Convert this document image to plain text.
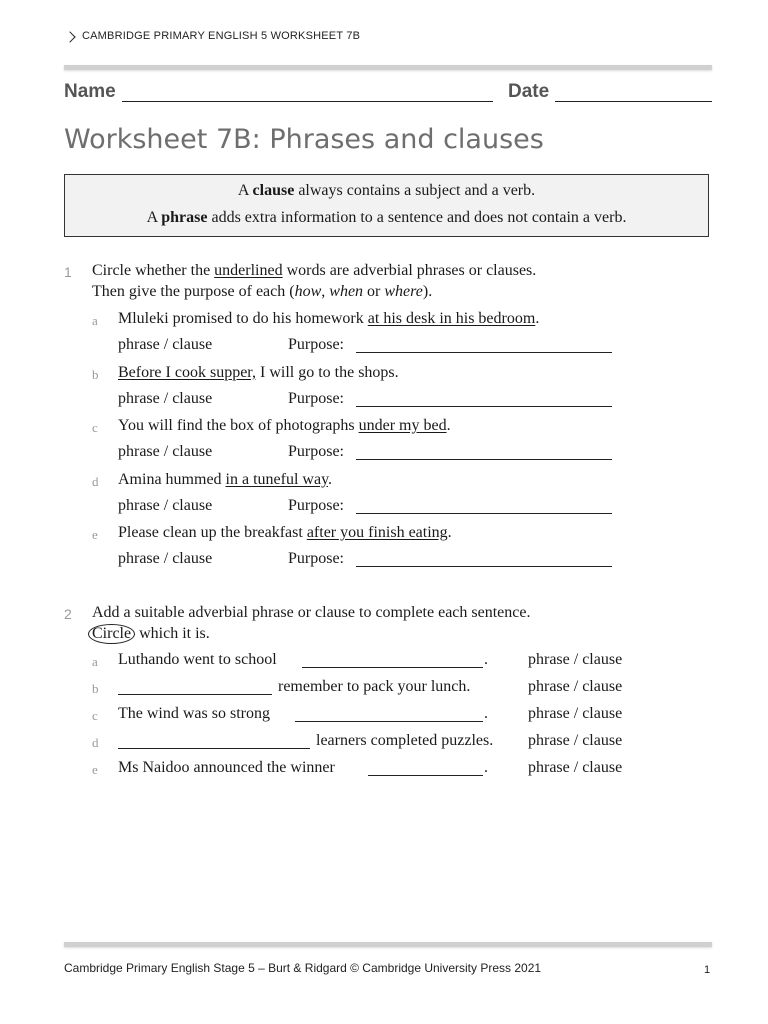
CAMBRIDGE PRIMARY ENGLISH 5 WORKSHEET 7B
Name	Date
Worksheet 7B: Phrases and clauses
A clause always contains a subject and a verb.
A phrase adds extra information to a sentence and does not contain a verb.
1 Circle whether the underlined words are adverbial phrases or clauses.
Then give the purpose of each (how, when or where).
a Mluleki promised to do his homework at his desk in his bedroom.
phrase / clause	Purpose:
b Before I cook supper, I will go to the shops.
phrase / clause	Purpose:
c You will find the box of photographs under my bed.
phrase / clause	Purpose:
d Amina hummed in a tuneful way.
phrase / clause	Purpose:
e Please clean up the breakfast after you finish eating.
phrase / clause	Purpose:
2 Add a suitable adverbial phrase or clause to complete each sentence.
Circle which it is.
a Luthando went to school	.	phrase / clause
b	remember to pack your lunch.	phrase / clause
c The wind was so strong	.	phrase / clause
d	learners completed puzzles. phrase / clause
e Ms Naidoo announced the winner	.	phrase / clause
Cambridge Primary English Stage 5 – Burt & Ridgard © Cambridge University Press 2021	1
